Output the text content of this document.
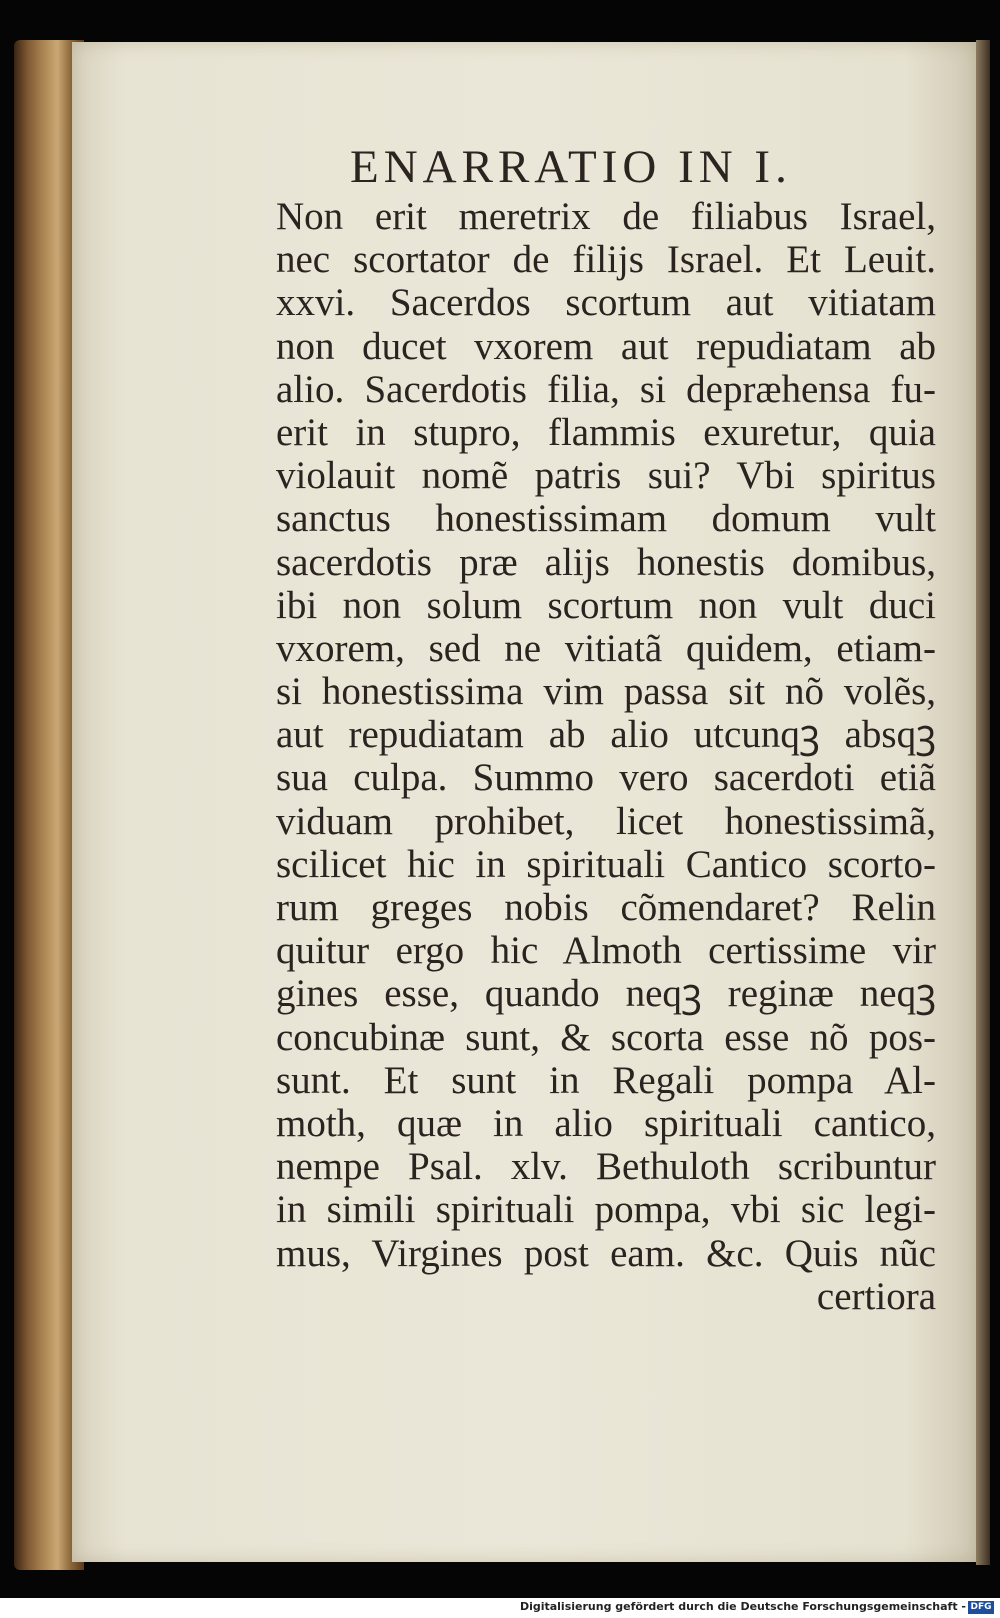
ENARRATIO IN I.
Non erit meretrix de filiabus Israel,
nec scortator de filijs Israel. Et Leuit.
xxvi. Sacerdos scortum aut vitiatam
non ducet vxorem aut repudiatam ab
alio. Sacerdotis filia, si depræhensa fu-
erit in stupro, flammis exuretur, quia
violauit nomẽ patris sui? Vbi spiritus
sanctus honestissimam domum vult
sacerdotis præ alijs honestis domibus,
ibi non solum scortum non vult duci
vxorem, sed ne vitiatã quidem, etiam-
si honestissima vim passa sit nõ volẽs,
aut repudiatam ab alio utcunqꝫ absqꝫ
sua culpa. Summo vero sacerdoti etiã
viduam prohibet, licet honestissimã,
scilicet hic in spirituali Cantico scorto-
rum greges nobis cõmendaret? Relin
quitur ergo hic Almoth certissime vir
gines esse, quando neqꝫ reginæ neqꝫ
concubinæ sunt, & scorta esse nõ pos-
sunt. Et sunt in Regali pompa Al-
moth, quæ in alio spirituali cantico,
nempe Psal. xlv. Bethuloth scribuntur
in simili spirituali pompa, vbi sic legi-
mus, Virgines post eam. &c. Quis nũc
certiora
Digitalisierung gefördert durch die Deutsche Forschungsgemeinschaft - DFG
